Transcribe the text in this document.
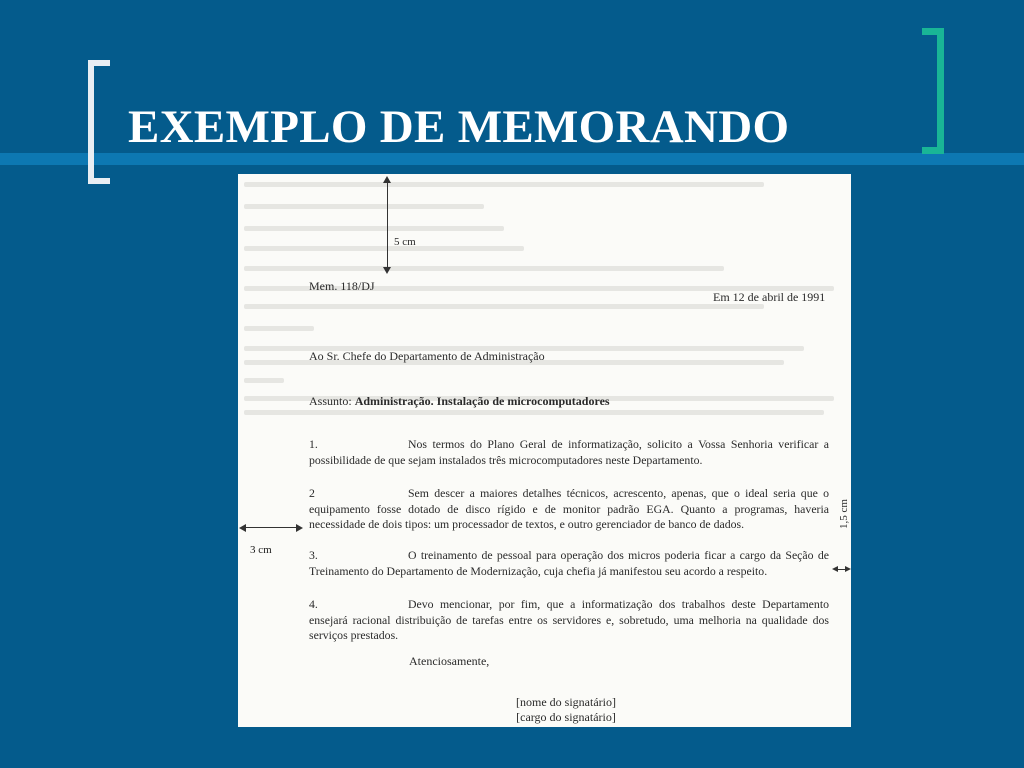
EXEMPLO DE MEMORANDO
5 cm
1,5 cm
Mem. 118/DJ
Em 12 de abril de 1991
Ao Sr. Chefe do Departamento de Administração
Assunto: Administração. Instalação de microcomputadores
1.	Nos termos do Plano Geral de informatização, solicito a Vossa Senhoria verificar a possibilidade de que sejam instalados três microcomputadores neste Departamento.
2	Sem descer a maiores detalhes técnicos, acrescento, apenas, que o ideal seria que o equipamento fosse dotado de disco rígido e de monitor padrão EGA. Quanto a programas, haveria necessidade de dois tipos: um processador de textos, e outro gerenciador de banco de dados.
3.	O treinamento de pessoal para operação dos micros poderia ficar a cargo da Seção de Treinamento do Departamento de Modernização, cuja chefia já manifestou seu acordo a respeito.
4.	Devo mencionar, por fim, que a informatização dos trabalhos deste Departamento ensejará racional distribuição de tarefas entre os servidores e, sobretudo, uma melhoria na qualidade dos serviços prestados.
Atenciosamente,
[nome do signatário]
[cargo do signatário]
3 cm
